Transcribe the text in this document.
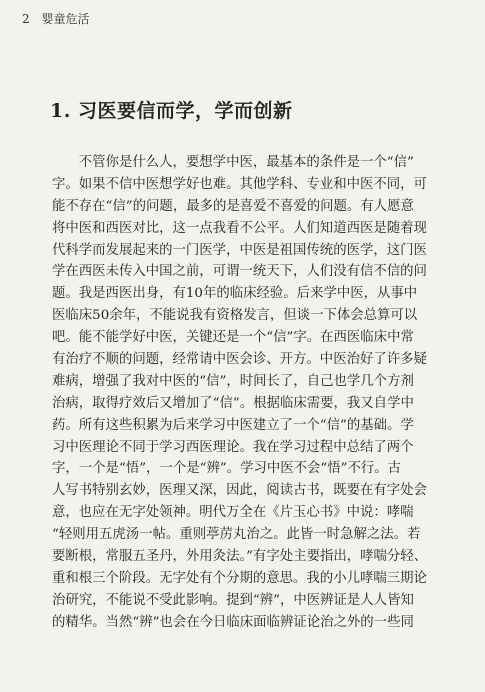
2 婴童危活
1. 习医要信而学，学而创新
　　不管你是什么人，要想学中医，最基本的条件是一个“信”
字。如果不信中医想学好也难。其他学科、专业和中医不同，可
能不存在“信”的问题，最多的是喜爱不喜爱的问题。有人愿意
将中医和西医对比，这一点我看不公平。人们知道西医是随着现
代科学而发展起来的一门医学，中医是祖国传统的医学，这门医
学在西医未传入中国之前，可谓一统天下，人们没有信不信的问
题。我是西医出身，有10年的临床经验。后来学中医，从事中
医临床50余年，不能说我有资格发言，但谈一下体会总算可以
吧。能不能学好中医，关键还是一个“信”字。在西医临床中常
有治疗不顺的问题，经常请中医会诊、开方。中医治好了许多疑
难病，增强了我对中医的“信”，时间长了，自己也学几个方剂
治病，取得疗效后又增加了“信”。根据临床需要，我又自学中
药。所有这些积累为后来学习中医建立了一个“信”的基础。学
习中医理论不同于学习西医理论。我在学习过程中总结了两个
字，一个是“悟”，一个是“辨”。学习中医不会“悟”不行。古
人写书特别玄妙，医理又深，因此，阅读古书，既要在有字处会
意，也应在无字处领神。明代万全在《片玉心书》中说：哮喘
“轻则用五虎汤一帖。重则葶苈丸治之。此皆一时急解之法。若
要断根，常服五圣丹，外用灸法。”有字处主要指出，哮喘分轻、
重和根三个阶段。无字处有个分期的意思。我的小儿哮喘三期论
治研究，不能说不受此影响。提到“辨”，中医辨证是人人皆知
的精华。当然“辨”也会在今日临床面临辨证论治之外的一些同
